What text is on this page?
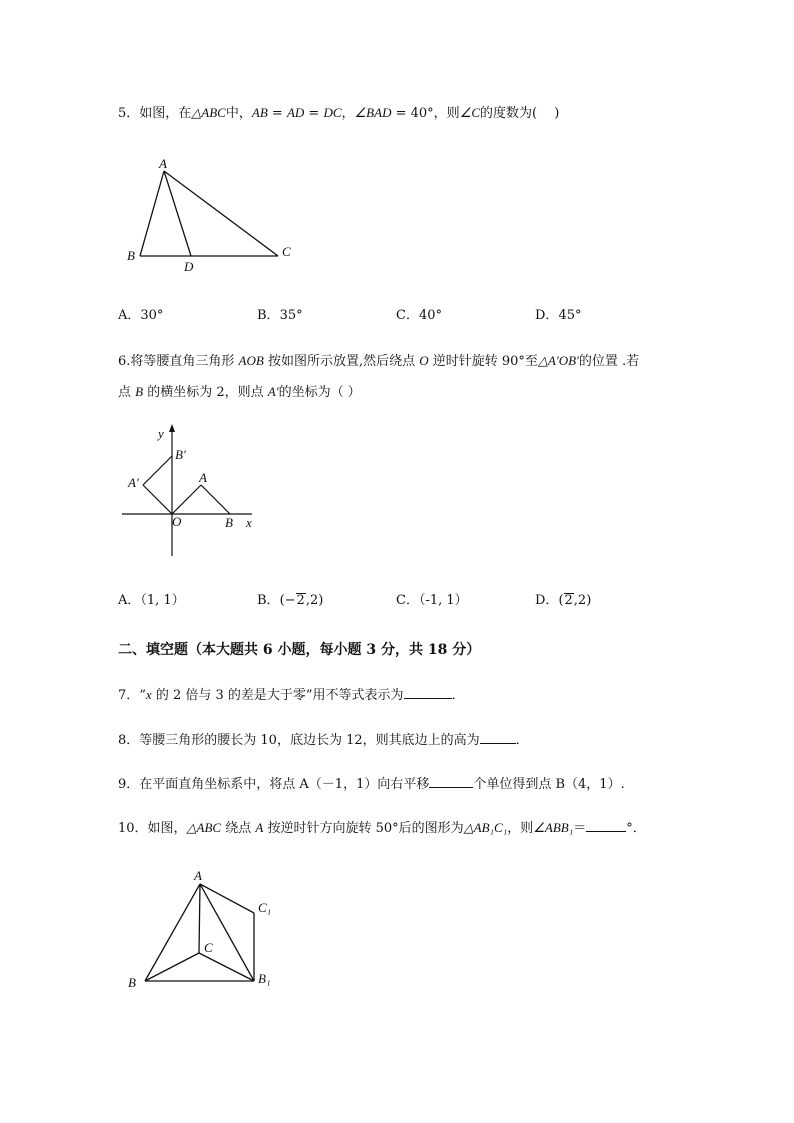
5．如图，在△ABC中，AB = AD = DC，∠BAD = 40°，则∠C的度数为(　 )
A
B
D
C
A．30°	B．35°	C．40°	D．45°
6.将等腰直角三角形 AOB 按如图所示放置,然后绕点 O 逆时针旋转 90°至△A′OB′的位置 .若
点 B 的横坐标为 2，则点 A′的坐标为（ ）
y
B′
A′	A
O	B x
A．（1, 1）	B．(−2,2)	C．（-1, 1）	D．(2,2)
二、填空题（本大题共 6 小题，每小题 3 分，共 18 分）
7．“x 的 2 倍与 3 的差是大于零”用不等式表示为	．
8．等腰三角形的腰长为 10，底边长为 12，则其底边上的高为	．
9．在平面直角坐标系中，将点 A（－1，1）向右平移	个单位得到点 B（4，1）.
10．如图，△ABC 绕点 A 按逆时针方向旋转 50°后的图形为△AB₁C₁，则∠ABB₁＝	°．
A
C₁
C
B	B₁
